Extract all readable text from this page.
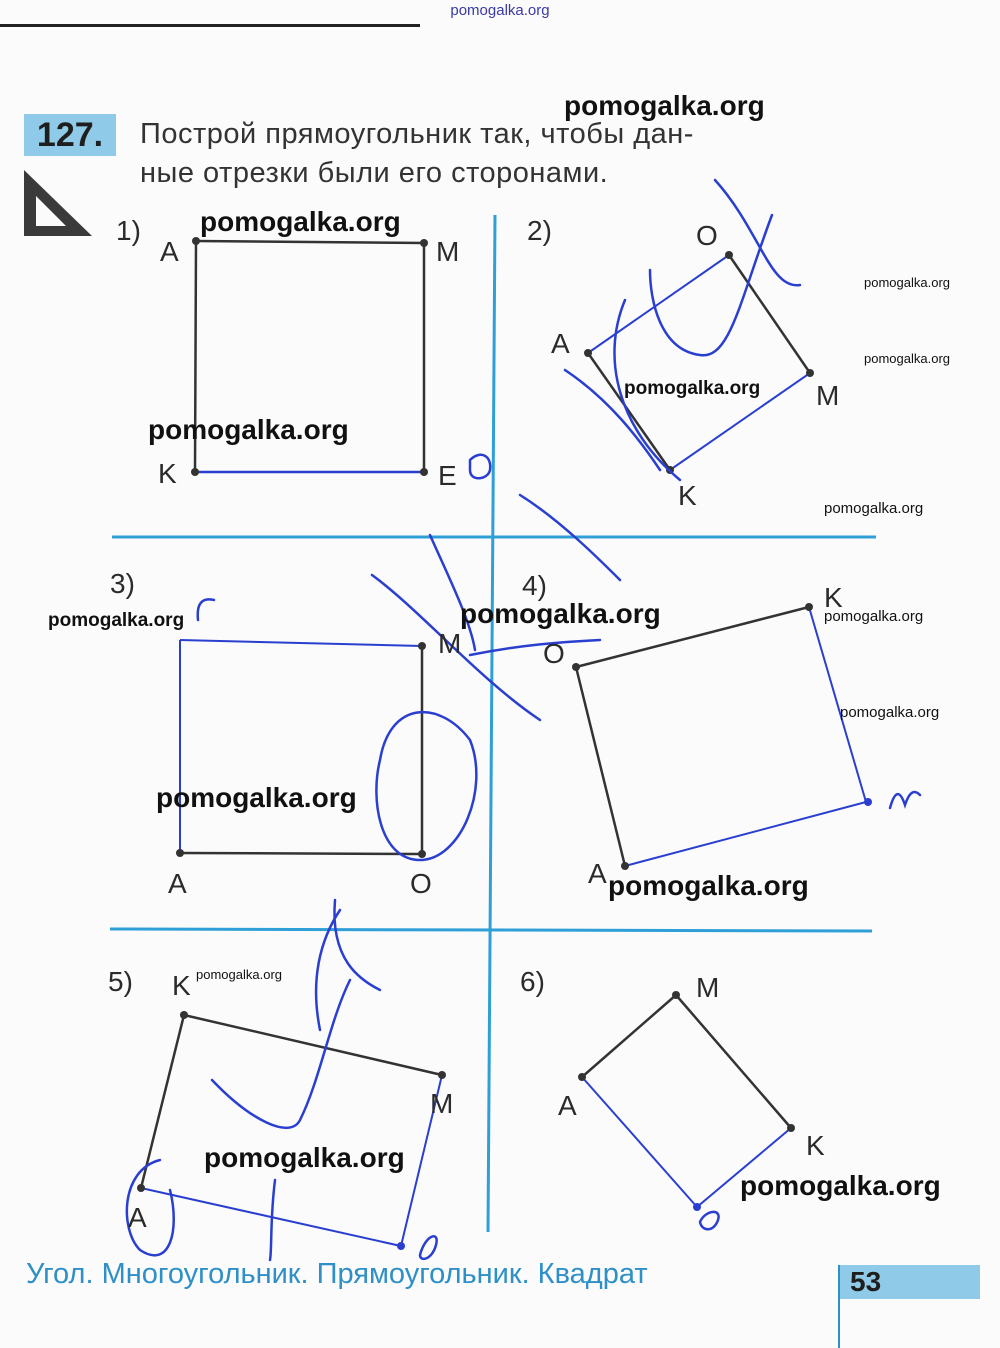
pomogalka.org
127.	Построй прямоугольник так, чтобы дан-
ные отрезки были его сторонами.
1)	2)
3)	4)
5)	6)
A	M
K	E
O
A
M
K
M
A	O
K
O
A
K
M
A
M
A
K
pomogalka.org
pomogalka.org
pomogalka.org
pomogalka.org
pomogalka.org
pomogalka.org
pomogalka.org
pomogalka.org	pomogalka.org
pomogalka.org
pomogalka.org
pomogalka.org
pomogalka.org
pomogalka.org
pomogalka.org
pomogalka.org
Угол. Многоугольник. Прямоугольник. Квадрат	53
